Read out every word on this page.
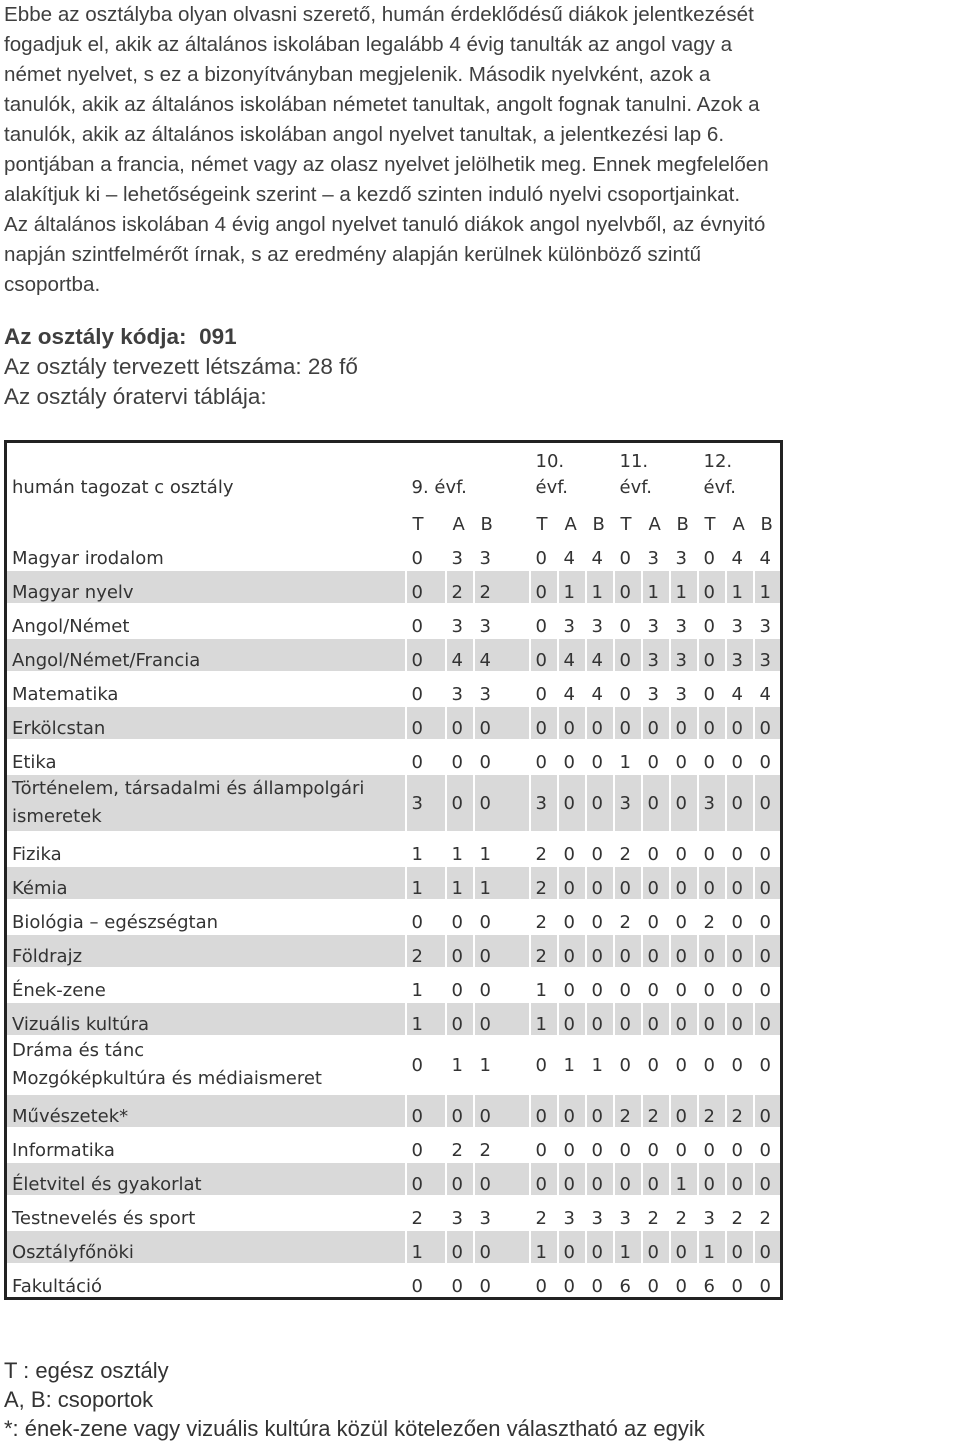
Ebbe az osztályba olyan olvasni szerető, humán érdeklődésű diákok jelentkezését
fogadjuk el, akik az általános iskolában legalább 4 évig tanulták az angol vagy a
német nyelvet, s ez a bizonyítványban megjelenik. Második nyelvként, azok a
tanulók, akik az általános iskolában németet tanultak, angolt fognak tanulni. Azok a
tanulók, akik az általános iskolában angol nyelvet tanultak, a jelentkezési lap 6.
pontjában a francia, német vagy az olasz nyelvet jelölhetik meg. Ennek megfelelően
alakítjuk ki – lehetőségeink szerint – a kezdő szinten induló nyelvi csoportjainkat.
Az általános iskolában 4 évig angol nyelvet tanuló diákok angol nyelvből, az évnyitó
napján szintfelmérőt írnak, s az eredmény alapján kerülnek különböző szintű
csoportba.
Az osztály kódja: 091
Az osztály tervezett létszáma: 28 fő
Az osztály óratervi táblája:
humán tagozat c osztály	9. évf.			10.
évf.			11.
évf.			12.
évf.		
	T	A	B	T	A	B	T	A	B	T	A	B
Magyar irodalom	0	3	3	0	4	4	0	3	3	0	4	4
Magyar nyelv	0	2	2	0	1	1	0	1	1	0	1	1
Angol/Német	0	3	3	0	3	3	0	3	3	0	3	3
Angol/Német/Francia	0	4	4	0	4	4	0	3	3	0	3	3
Matematika	0	3	3	0	4	4	0	3	3	0	4	4
Erkölcstan	0	0	0	0	0	0	0	0	0	0	0	0
Etika	0	0	0	0	0	0	1	0	0	0	0	0
Történelem, társadalmi és állampolgári
ismeretek	3	0	0	3	0	0	3	0	0	3	0	0
Fizika	1	1	1	2	0	0	2	0	0	0	0	0
Kémia	1	1	1	2	0	0	0	0	0	0	0	0
Biológia – egészségtan	0	0	0	2	0	0	2	0	0	2	0	0
Földrajz	2	0	0	2	0	0	0	0	0	0	0	0
Ének-zene	1	0	0	1	0	0	0	0	0	0	0	0
Vizuális kultúra	1	0	0	1	0	0	0	0	0	0	0	0
Dráma és tánc
Mozgóképkultúra és médiaismeret	0	1	1	0	1	1	0	0	0	0	0	0
Művészetek*	0	0	0	0	0	0	2	2	0	2	2	0
Informatika	0	2	2	0	0	0	0	0	0	0	0	0
Életvitel és gyakorlat	0	0	0	0	0	0	0	0	1	0	0	0
Testnevelés és sport	2	3	3	2	3	3	3	2	2	3	2	2
Osztályfőnöki	1	0	0	1	0	0	1	0	0	1	0	0
Fakultáció	0	0	0	0	0	0	6	0	0	6	0	0
T : egész osztály
A, B: csoportok
*: ének-zene vagy vizuális kultúra közül kötelezően választható az egyik
